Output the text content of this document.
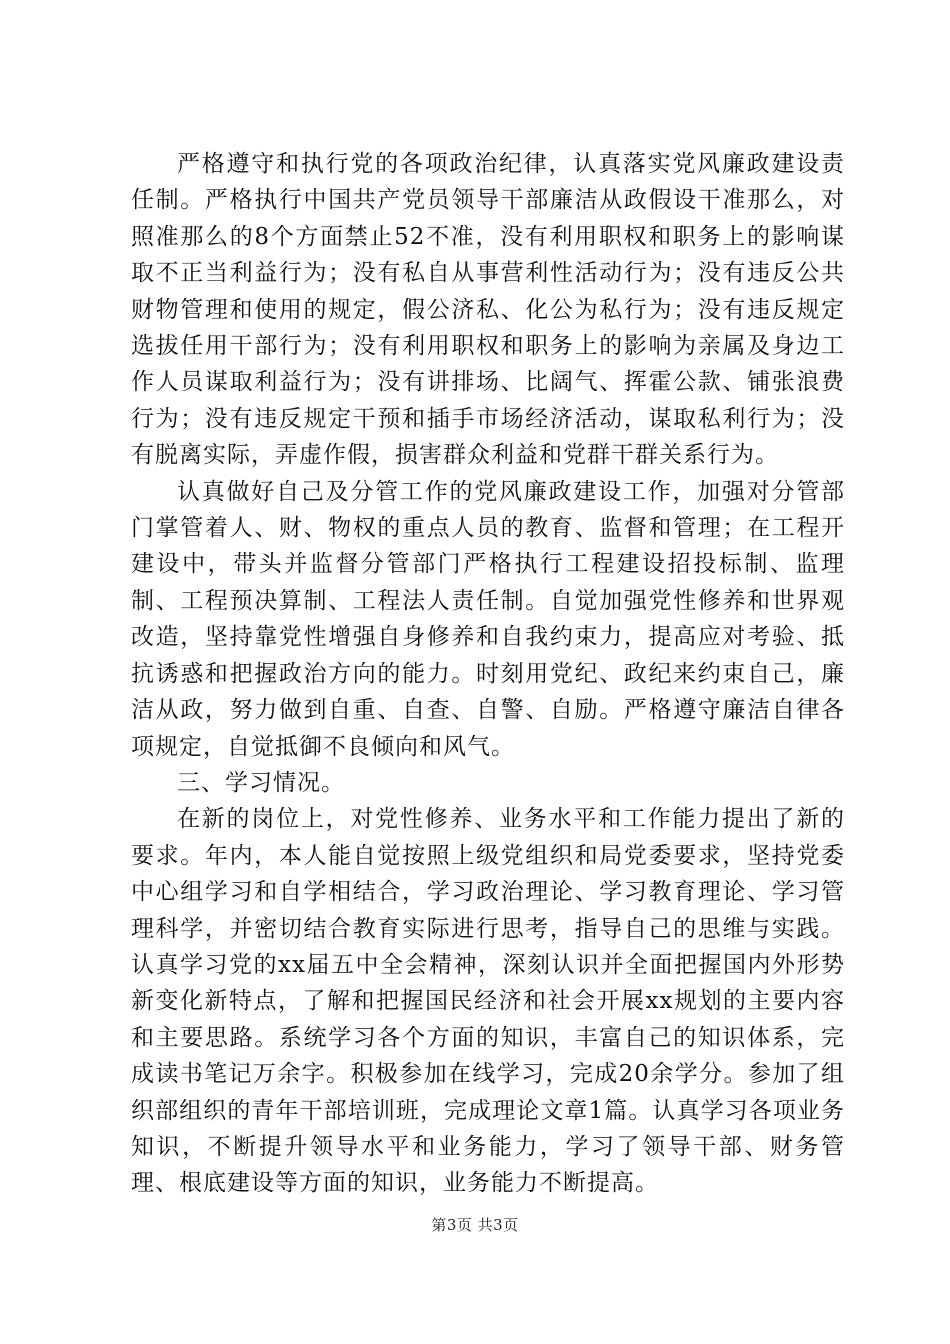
严格遵守和执行党的各项政治纪律，认真落实党风廉政建设责任制。严格执行中国共产党员领导干部廉洁从政假设干准那么，对照准那么的8个方面禁止52不准，没有利用职权和职务上的影响谋取不正当利益行为；没有私自从事营利性活动行为；没有违反公共财物管理和使用的规定，假公济私、化公为私行为；没有违反规定选拔任用干部行为；没有利用职权和职务上的影响为亲属及身边工作人员谋取利益行为；没有讲排场、比阔气、挥霍公款、铺张浪费行为；没有违反规定干预和插手市场经济活动，谋取私利行为；没有脱离实际，弄虚作假，损害群众利益和党群干群关系行为。

认真做好自己及分管工作的党风廉政建设工作，加强对分管部门掌管着人、财、物权的重点人员的教育、监督和管理；在工程开建设中，带头并监督分管部门严格执行工程建设招投标制、监理制、工程预决算制、工程法人责任制。自觉加强党性修养和世界观改造，坚持靠党性增强自身修养和自我约束力，提高应对考验、抵抗诱惑和把握政治方向的能力。时刻用党纪、政纪来约束自己，廉洁从政，努力做到自重、自查、自警、自励。严格遵守廉洁自律各项规定，自觉抵御不良倾向和风气。

三、学习情况。

在新的岗位上，对党性修养、业务水平和工作能力提出了新的要求。年内，本人能自觉按照上级党组织和局党委要求，坚持党委中心组学习和自学相结合，学习政治理论、学习教育理论、学习管理科学，并密切结合教育实际进行思考，指导自己的思维与实践。认真学习党的xx届五中全会精神，深刻认识并全面把握国内外形势新变化新特点，了解和把握国民经济和社会开展xx规划的主要内容和主要思路。系统学习各个方面的知识，丰富自己的知识体系，完成读书笔记万余字。积极参加在线学习，完成20余学分。参加了组织部组织的青年干部培训班，完成理论文章1篇。认真学习各项业务知识，不断提升领导水平和业务能力，学习了领导干部、财务管理、根底建设等方面的知识，业务能力不断提高。

第3页 共3页
